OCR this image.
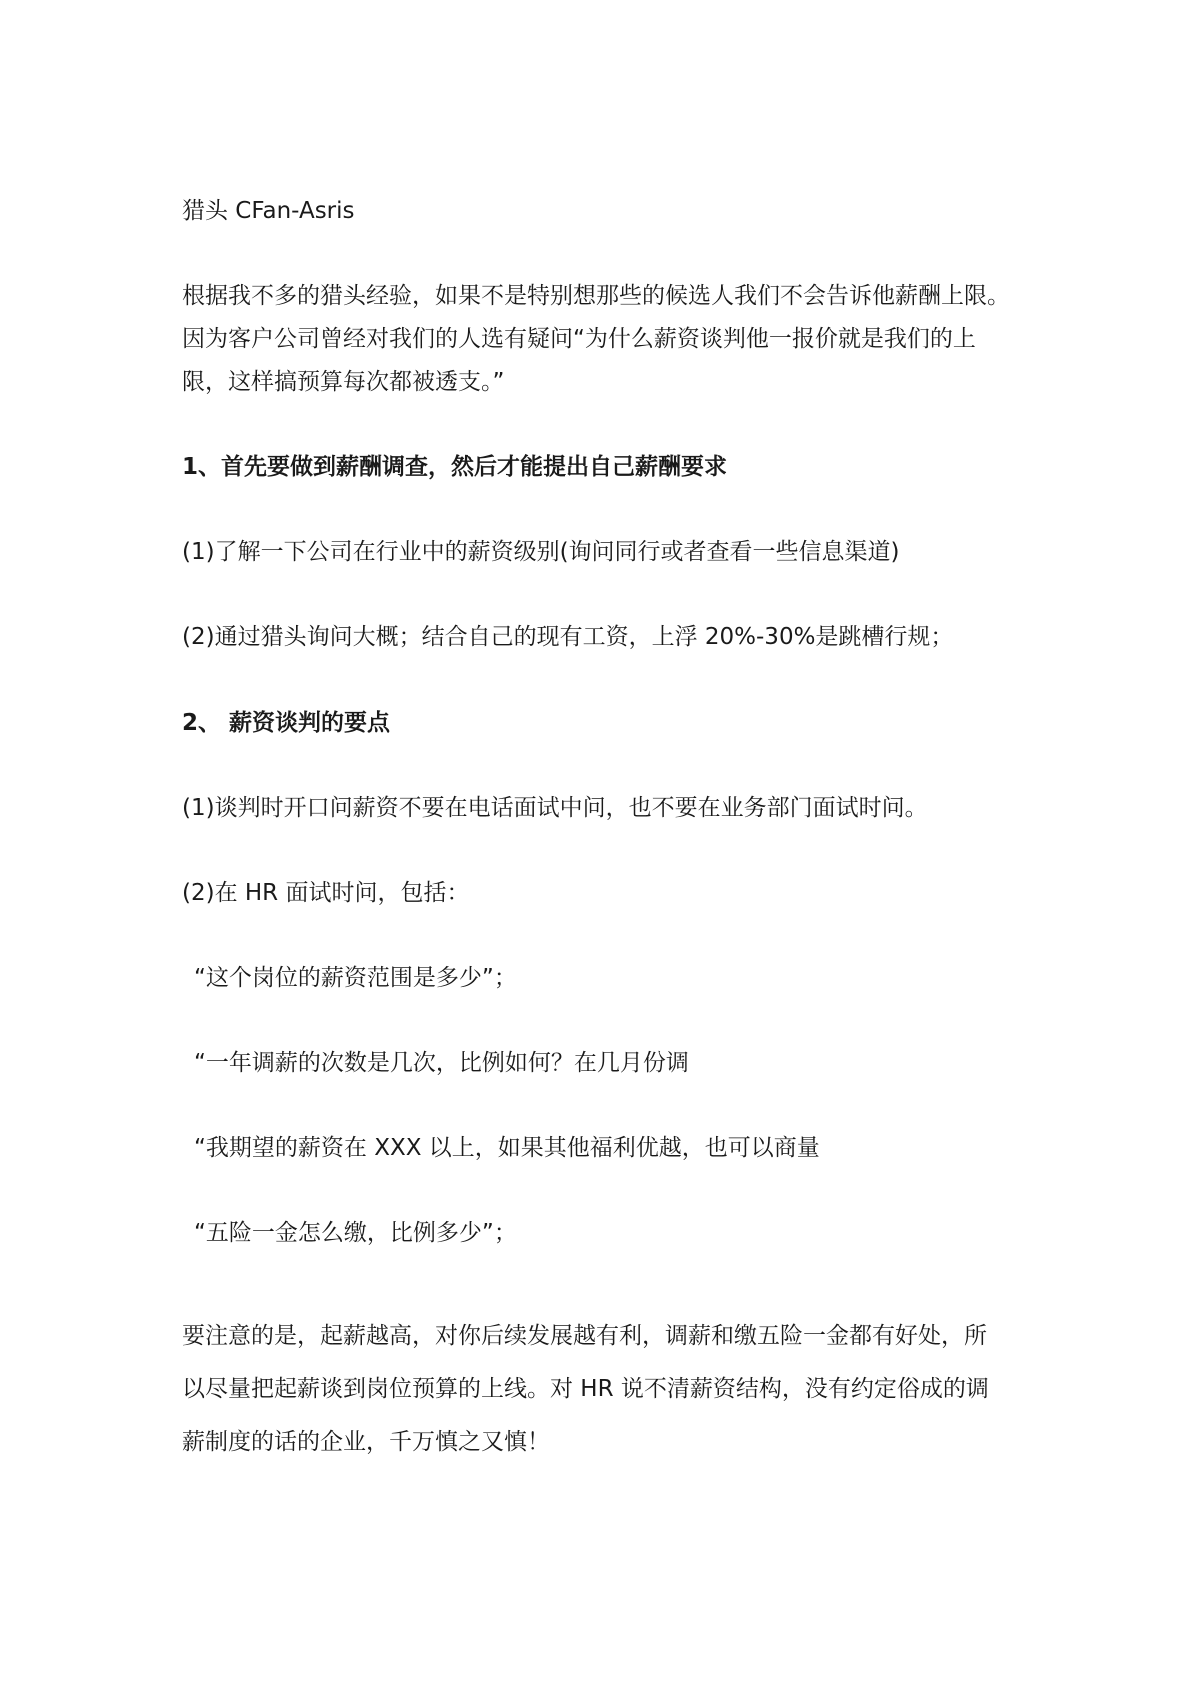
猎头 CFan-Asris
根据我不多的猎头经验，如果不是特别想那些的候选人我们不会告诉他薪酬上限。
因为客户公司曾经对我们的人选有疑问“为什么薪资谈判他一报价就是我们的上
限，这样搞预算每次都被透支。”
1、首先要做到薪酬调查，然后才能提出自己薪酬要求
(1)了解一下公司在行业中的薪资级别(询问同行或者查看一些信息渠道)
(2)通过猎头询问大概；结合自己的现有工资，上浮 20%-30%是跳槽行规；
2、 薪资谈判的要点
(1)谈判时开口问薪资不要在电话面试中问，也不要在业务部门面试时问。
(2)在 HR 面试时问，包括：
“这个岗位的薪资范围是多少”；
“一年调薪的次数是几次，比例如何？在几月份调
“我期望的薪资在 XXX 以上，如果其他福利优越，也可以商量
“五险一金怎么缴，比例多少”；
要注意的是，起薪越高，对你后续发展越有利，调薪和缴五险一金都有好处，所
以尽量把起薪谈到岗位预算的上线。对 HR 说不清薪资结构，没有约定俗成的调
薪制度的话的企业，千万慎之又慎！
